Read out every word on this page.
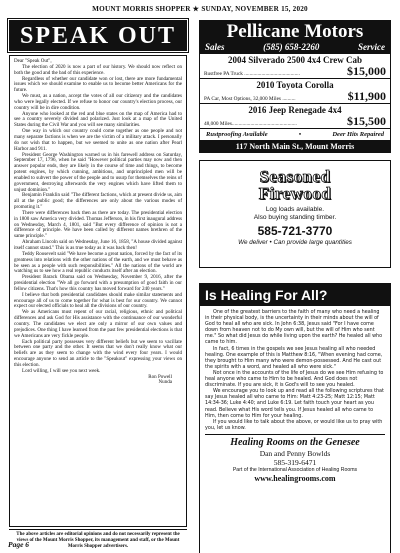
MOUNT MORRIS SHOPPER ★ SUNDAY, NOVEMBER 15, 2020
SPEAK OUT

Dear "Speak Out",

The election of 2020 is now a part of our history. We should now reflect on both the good and the bad of this experience.

Regardless of whether our candidate won or lost, there are more fundamental issues which we should examine to enable us to become better Americans for the future.

We must, as a nation, accept the votes of all our citizenry and the candidates who were legally elected. If we refuse to honor our country's election process, our country will be in dire condition.

Anyone who looked at the red and blue states on the map of America had to see a country severely divided and polarized. Just look at a map of the United States during the Civil War and you will see many similarities.

One way in which our country could come together as one people and not many separate factions is when we are the victim of a military attack. I personally do not wish that to happen, but we seemed to unite as one nation after Pearl Harbor and 911.

President George Washington warned us in his farewell address on Saturday, September 17, 1796, when he said "However political parties may now and then answer popular ends, they are likely in the course of time and things, to become potent engines, by which cunning, ambitious, and unprincipled men will be enabled to subvert the power of the people and to usurp for themselves the reins of government, destroying afterwards the very engines which have lifted them to unjust dominion."

Benjamin Franklin said "The different factions, which at present divide us, aim all at the public good; the differences are only about the various modes of promoting it."

There were differences back then as there are today. The presidential election in 1800 saw America very divided. Thomas Jefferson, in his first inaugural address on Wednesday, March 4, 1801, said "But every difference of opinion is not a difference of principle. We have been called by different names brethren of the same principle."

Abraham Lincoln said on Wednesday, June 16, 1858, "A house divided against itself cannot stand." This is as true today as it was back then!

Teddy Roosevelt said "We have become a great nation, forced by the fact of its greatness into relations with the other nations of the earth, and we must behave as be seen as a people with such responsibilities." All the nations of the world are watching us to see how a real republic conducts itself after an election.

President Barack Obama said on Wednesday, November 9, 2016, after the presidential election "We all go forward with a presumption of good faith in our fellow citizens. That's how this country has moved forward for 240 years."

I believe that both presidential candidates should make similar statements and encourage all of us to come together for what is best for our country. We cannot expect our elected officials to heal all the divisions of our country.

We as Americans must repent of our racial, religious, ethnic and political differences and ask God for His assistance with the continuance of our wonderful country. The candidates we elect are only a mirror of our own values and prejudices. One thing I have learned from the past few presidential elections is that we Americans are very fickle people.

Each political party possesses very different beliefs but we seem to vacillate between one party and the other. It seems that we don't really know what our beliefs are as they seem to change with the wind every four years. I would encourage anyone to send an article to the "Speakout" expressing your views on this election.

Lord willing, I will see you next week.

Ron Powell

Nunda

The above articles are editorial opinions and do not necessarily represent the views of the Mount Morris Shopper, its management and staff, or the Mount Morris Shopper advertisers.
Pellicane Motors
Sales	(585) 658-2260	Service
2004 Silverado 2500 4x4 Crew Cab
Rustfree PA Truck ..........................................	$15,000
2010 Toyota Corolla
PA Car, Most Options, 32,000 Miles ..........	$11,900
2016 Jeep Renegade 4x4
48,000 Miles.................................................	$15,500
Rustproofing Available	•	Deer Hits Repaired
117 North Main St., Mount Morris
Seasoned
Firewood
Log loads available.
Also buying standing timber.
585-721-3770
We deliver • Can provide large quantities
Is Healing For All?

One of the greatest barriers to the faith of many who need a healing in their physical body, is the uncertainty in their minds about the will of God to heal all who are sick. In John 6:38, Jesus said "For I have come down from heaven not to do My own will, but the will of Him who sent me." So what did Jesus do while living upon the earth? He healed all who came to him.

In fact, 6 times in the gospels we see Jesus healing all who needed healing. One example of this is Matthew 8:16, "When evening had come, they brought to Him many who were demon-possessed. And He cast out the spirits with a word, and healed all who were sick."

Not once in the accounts of the life of Jesus do we see Him refusing to heal anyone who came to Him to be healed. And God does not discriminate. If you are sick, it is God's will to see you healed.

We encourage you to look up and read all the following scriptures that say Jesus healed all who came to Him: Matt 4:23-25; Matt 12:15; Matt 14:34-36; Luke 4:40; and Luke 6:19. Let faith touch your heart as you read. Believe what His word tells you. If Jesus healed all who came to Him, then come to Him for your healing.

If you would like to talk about the above, or would like us to pray with you, let us know.

Healing Rooms on the Genesee
Dan and Penny Bowlds
585-319-6471
Part of the International Association of Healing Rooms
www.healingrooms.com
Page 6
